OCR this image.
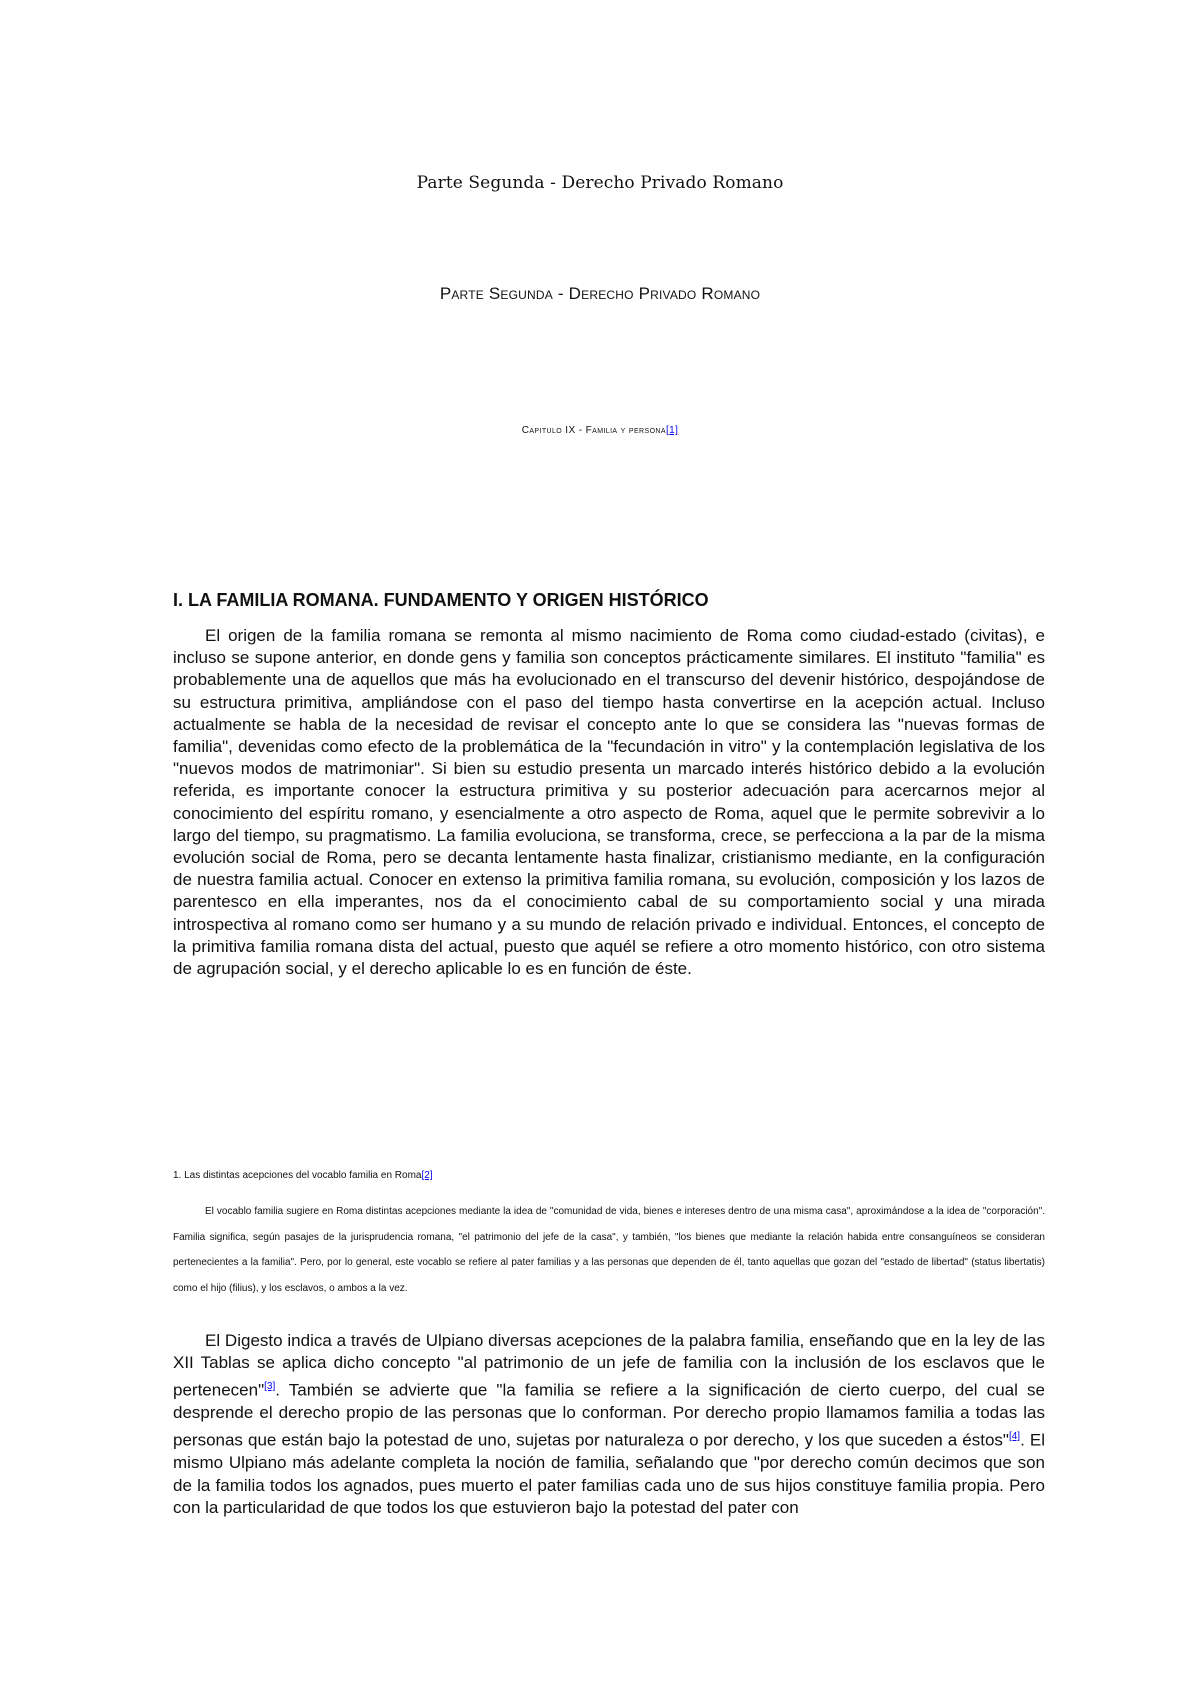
Parte Segunda - Derecho Privado Romano
Parte Segunda - Derecho Privado Romano
Capitulo IX - Familia y persona[1]
I. LA FAMILIA ROMANA. FUNDAMENTO Y ORIGEN HISTÓRICO

El origen de la familia romana se remonta al mismo nacimiento de Roma como ciudad-estado (civitas), e incluso se supone anterior, en donde gens y familia son conceptos prácticamente similares. El instituto "familia" es probablemente una de aquellos que más ha evolucionado en el transcurso del devenir histórico, despojándose de su estructura primitiva, ampliándose con el paso del tiempo hasta convertirse en la acepción actual. Incluso actualmente se habla de la necesidad de revisar el concepto ante lo que se considera las "nuevas formas de familia", devenidas como efecto de la problemática de la "fecundación in vitro" y la contemplación legislativa de los "nuevos modos de matrimoniar". Si bien su estudio presenta un marcado interés histórico debido a la evolución referida, es importante conocer la estructura primitiva y su posterior adecuación para acercarnos mejor al conocimiento del espíritu romano, y esencialmente a otro aspecto de Roma, aquel que le permite sobrevivir a lo largo del tiempo, su pragmatismo. La familia evoluciona, se transforma, crece, se perfecciona a la par de la misma evolución social de Roma, pero se decanta lentamente hasta finalizar, cristianismo mediante, en la configuración de nuestra familia actual. Conocer en extenso la primitiva familia romana, su evolución, composición y los lazos de parentesco en ella imperantes, nos da el conocimiento cabal de su comportamiento social y una mirada introspectiva al romano como ser humano y a su mundo de relación privado e individual. Entonces, el concepto de la primitiva familia romana dista del actual, puesto que aquél se refiere a otro momento histórico, con otro sistema de agrupación social, y el derecho aplicable lo es en función de éste.

1. Las distintas acepciones del vocablo familia en Roma[2]

El vocablo familia sugiere en Roma distintas acepciones mediante la idea de "comunidad de vida, bienes e intereses dentro de una misma casa", aproximándose a la idea de "corporación". Familia significa, según pasajes de la jurisprudencia romana, "el patrimonio del jefe de la casa", y también, "los bienes que mediante la relación habida entre consanguíneos se consideran pertenecientes a la familia". Pero, por lo general, este vocablo se refiere al pater familias y a las personas que dependen de él, tanto aquellas que gozan del "estado de libertad" (status libertatis) como el hijo (filius), y los esclavos, o ambos a la vez.

El Digesto indica a través de Ulpiano diversas acepciones de la palabra familia, enseñando que en la ley de las XII Tablas se aplica dicho concepto "al patrimonio de un jefe de familia con la inclusión de los esclavos que le pertenecen"[3]. También se advierte que "la familia se refiere a la significación de cierto cuerpo, del cual se desprende el derecho propio de las personas que lo conforman. Por derecho propio llamamos familia a todas las personas que están bajo la potestad de uno, sujetas por naturaleza o por derecho, y los que suceden a éstos"[4]. El mismo Ulpiano más adelante completa la noción de familia, señalando que "por derecho común decimos que son de la familia todos los agnados, pues muerto el pater familias cada uno de sus hijos constituye familia propia. Pero con la particularidad de que todos los que estuvieron bajo la potestad del pater con
